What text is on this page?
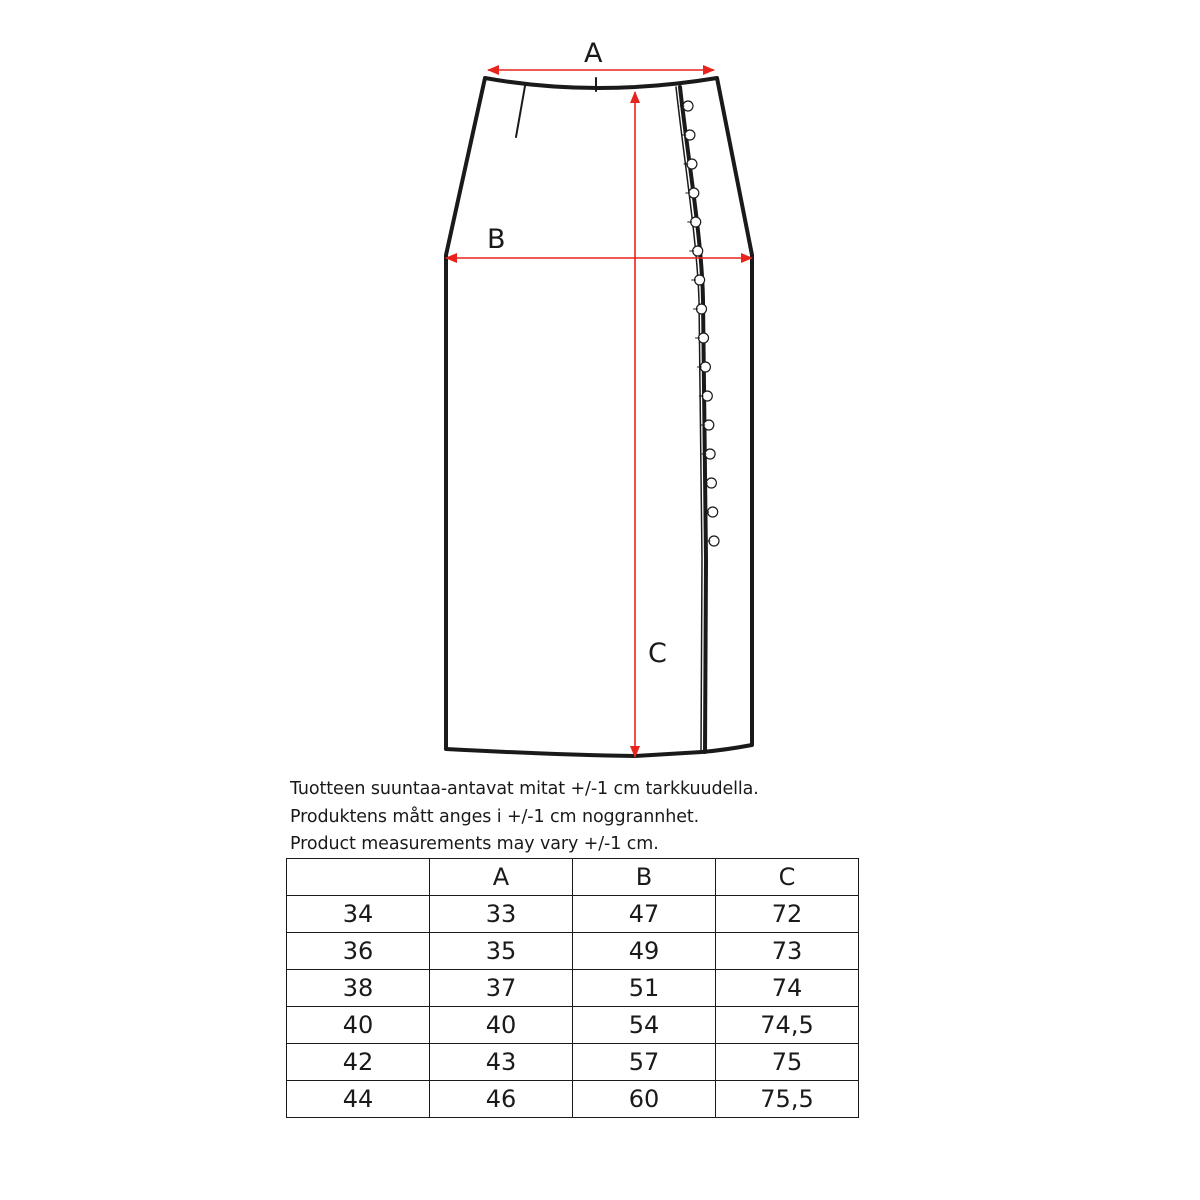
A
B
C
Tuotteen suuntaa-antavat mitat +/-1 cm tarkkuudella.
Produktens mått anges i +/-1 cm noggrannhet.
Product measurements may vary +/-1 cm.
	A	B	C
34	33	47	72
36	35	49	73
38	37	51	74
40	40	54	74,5
42	43	57	75
44	46	60	75,5
